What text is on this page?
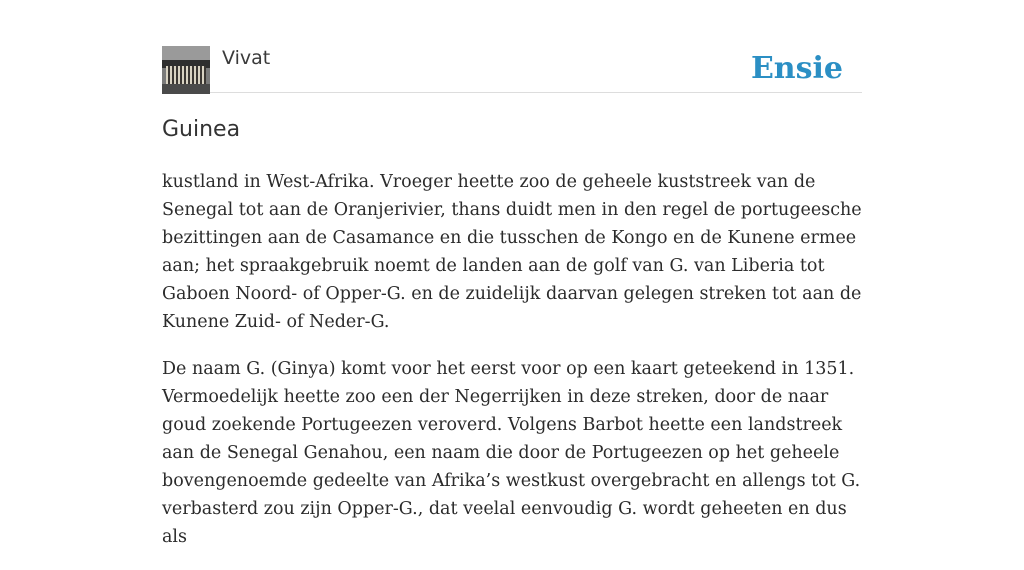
Vivat	Ensie
Guinea

kustland in West-Afrika. Vroeger heette zoo de geheele kuststreek van de Senegal tot aan de Oranjerivier, thans duidt men in den regel de portugeesche bezittingen aan de Casamance en die tusschen de Kongo en de Kunene ermee aan; het spraakgebruik noemt de landen aan de golf van G. van Liberia tot Gaboen Noord- of Opper-G. en de zuidelijk daarvan gelegen streken tot aan de Kunene Zuid- of Neder-G.

De naam G. (Ginya) komt voor het eerst voor op een kaart geteekend in 1351. Vermoedelijk heette zoo een der Negerrijken in deze streken, door de naar goud zoekende Portugeezen veroverd. Volgens Barbot heette een landstreek aan de Senegal Genahou, een naam die door de Portugeezen op het geheele bovengenoemde gedeelte van Afrika’s westkust overgebracht en allengs tot G. verbasterd zou zijn Opper-G., dat veelal eenvoudig G. wordt geheeten en dus als
